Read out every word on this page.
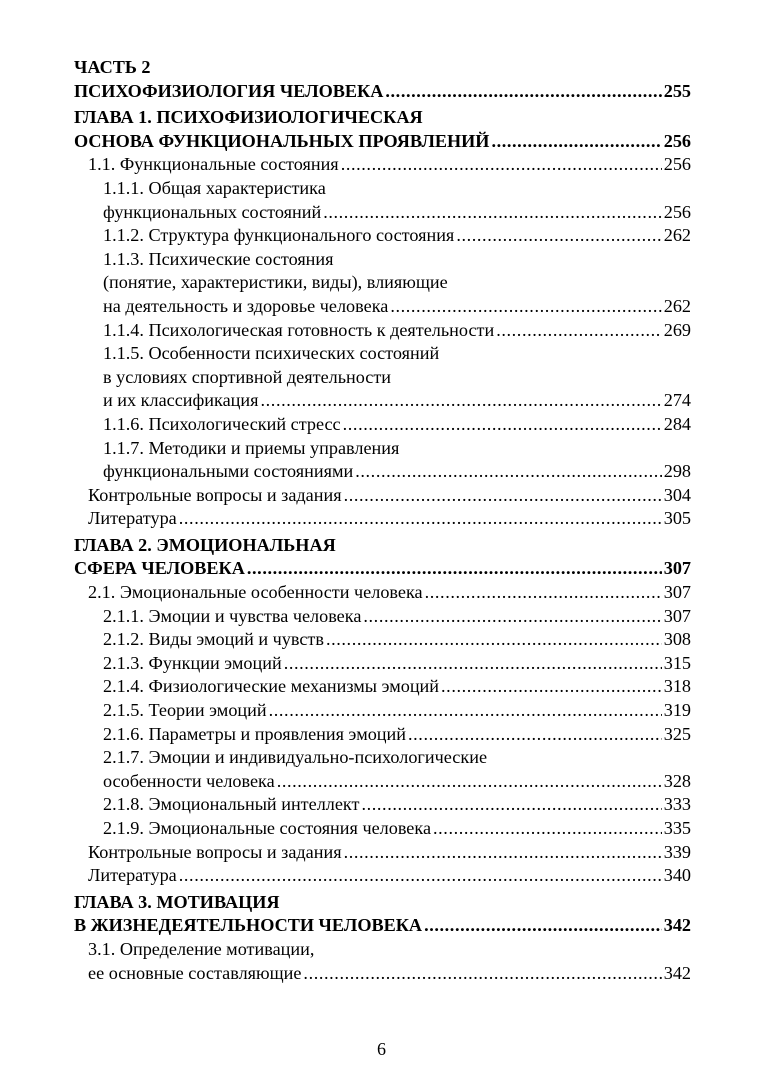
ЧАСТЬ 2
ПСИХОФИЗИОЛОГИЯ ЧЕЛОВЕКА .....	255
ГЛАВА 1. ПСИХОФИЗИОЛОГИЧЕСКАЯ
ОСНОВА ФУНКЦИОНАЛЬНЫХ ПРОЯВЛЕНИЙ .....	256
1.1. Функциональные состояния .....	256
1.1.1. Общая характеристика
функциональных состояний .....	256
1.1.2. Структура функционального состояния .....	262
1.1.3. Психические состояния
(понятие, характеристики, виды), влияющие
на деятельность и здоровье человека .....	262
1.1.4. Психологическая готовность к деятельности .....	269
1.1.5. Особенности психических состояний
в условиях спортивной деятельности
и их классификация .....	274
1.1.6. Психологический стресс .....	284
1.1.7. Методики и приемы управления
функциональными состояниями .....	298
Контрольные вопросы и задания .....	304
Литература .....	305
ГЛАВА 2. ЭМОЦИОНАЛЬНАЯ
СФЕРА ЧЕЛОВЕКА .....	307
2.1. Эмоциональные особенности человека .....	307
2.1.1. Эмоции и чувства человека .....	307
2.1.2. Виды эмоций и чувств .....	308
2.1.3. Функции эмоций .....	315
2.1.4. Физиологические механизмы эмоций .....	318
2.1.5. Теории эмоций .....	319
2.1.6. Параметры и проявления эмоций .....	325
2.1.7. Эмоции и индивидуально-психологические
особенности человека .....	328
2.1.8. Эмоциональный интеллект .....	333
2.1.9. Эмоциональные состояния человека .....	335
Контрольные вопросы и задания .....	339
Литература .....	340
ГЛАВА 3. МОТИВАЦИЯ
В ЖИЗНЕДЕЯТЕЛЬНОСТИ ЧЕЛОВЕКА .....	342
3.1. Определение мотивации,
ее основные составляющие .....	342
6
